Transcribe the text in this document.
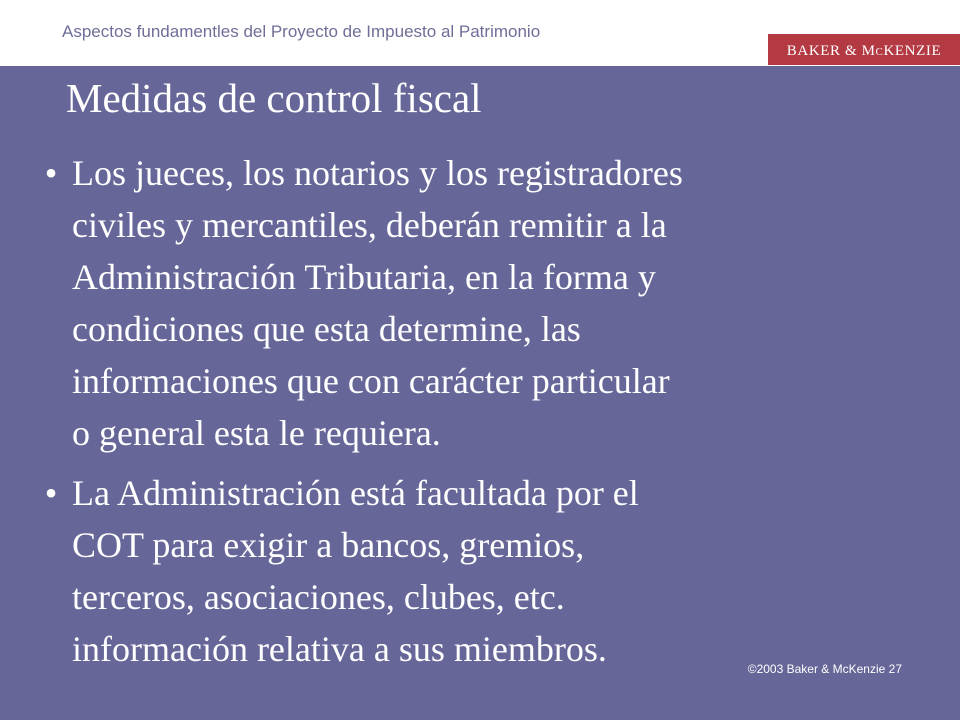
Aspectos fundamentles del Proyecto de Impuesto al Patrimonio
BAKER & McKENZIE
Medidas de control fiscal
• Los jueces, los notarios y los registradores
civiles y mercantiles, deberán remitir a la
Administración Tributaria, en la forma y
condiciones que esta determine, las
informaciones que con carácter particular
o general esta le requiera.
• La Administración está facultada por el
COT para exigir a bancos, gremios,
terceros, asociaciones, clubes, etc.
información relativa a sus miembros.	©2003 Baker & McKenzie 27
